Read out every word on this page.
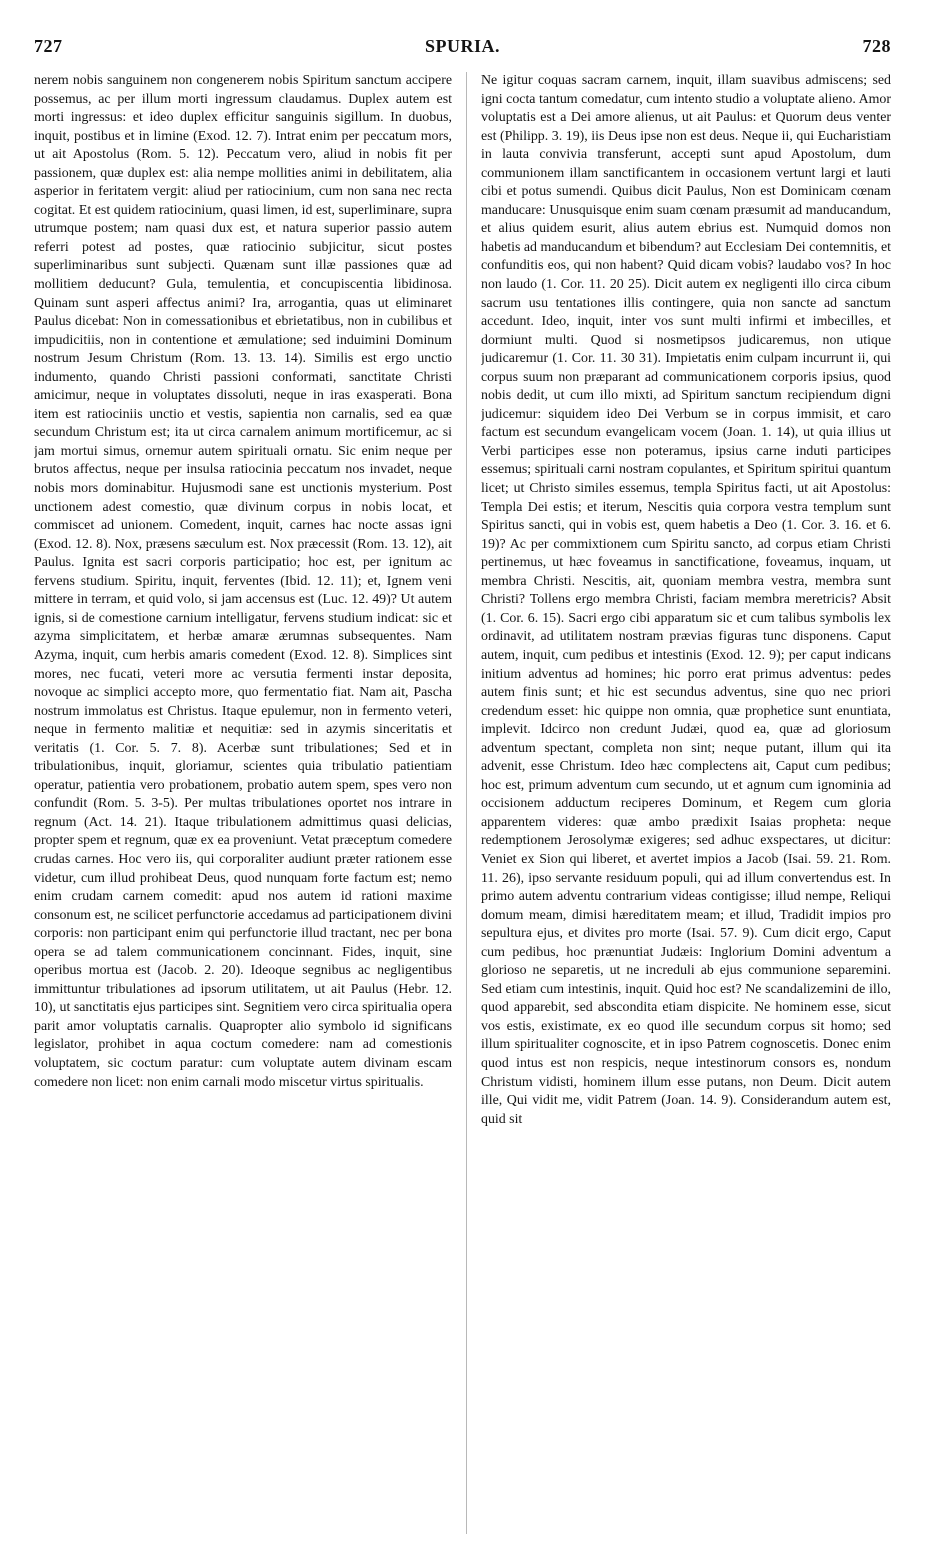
727	SPURIA.	728

nerem nobis sanguinem non congenerem nobis Spiritum sanctum accipere possemus, ac per illum morti ingressum claudamus. Duplex autem est morti ingressus: et ideo duplex efficitur sanguinis sigillum. In duobus, inquit, postibus et in limine (Exod. 12. 7). Intrat enim per peccatum mors, ut ait Apostolus (Rom. 5. 12). Peccatum vero, aliud in nobis fit per passionem, quæ duplex est: alia nempe mollities animi in debilitatem, alia asperior in feritatem vergit: aliud per ratiocinium, cum non sana nec recta cogitat. Et est quidem ratiocinium, quasi limen, id est, superliminare, supra utrumque postem; nam quasi dux est, et natura superior passio autem referri potest ad postes, quæ ratiocinio subjicitur, sicut postes superliminaribus sunt subjecti. Quænam sunt illæ passiones quæ ad mollitiem deducunt? Gula, temulentia, et concupiscentia libidinosa. Quinam sunt asperi affectus animi? Ira, arrogantia, quas ut eliminaret Paulus dicebat: Non in comessationibus et ebrietatibus, non in cubilibus et impudicitiis, non in contentione et æmulatione; sed induimini Dominum nostrum Jesum Christum (Rom. 13. 13. 14). Similis est ergo unctio indumento, quando Christi passioni conformati, sanctitate Christi amicimur, neque in voluptates dissoluti, neque in iras exasperati. Bona item est ratiociniis unctio et vestis, sapientia non carnalis, sed ea quæ secundum Christum est; ita ut circa carnalem animum mortificemur, ac si jam mortui simus, ornemur autem spirituali ornatu. Sic enim neque per brutos affectus, neque per insulsa ratiocinia peccatum nos invadet, neque nobis mors dominabitur. Hujusmodi sane est unctionis mysterium. Post unctionem adest comestio, quæ divinum corpus in nobis locat, et commiscet ad unionem. Comedent, inquit, carnes hac nocte assas igni (Exod. 12. 8). Nox, præsens sæculum est. Nox præcessit (Rom. 13. 12), ait Paulus. Ignita est sacri corporis participatio; hoc est, per ignitum ac fervens studium. Spiritu, inquit, ferventes (Ibid. 12. 11); et, Ignem veni mittere in terram, et quid volo, si jam accensus est (Luc. 12. 49)? Ut autem ignis, si de comestione carnium intelligatur, fervens studium indicat: sic et azyma simplicitatem, et herbæ amaræ ærumnas subsequentes. Nam Azyma, inquit, cum herbis amaris comedent (Exod. 12. 8). Simplices sint mores, nec fucati, veteri more ac versutia fermenti instar deposita, novoque ac simplici accepto more, quo fermentatio fiat. Nam ait, Pascha nostrum immolatus est Christus. Itaque epulemur, non in fermento veteri, neque in fermento malitiæ et nequitiæ: sed in azymis sinceritatis et veritatis (1. Cor. 5. 7. 8). Acerbæ sunt tribulationes; Sed et in tribulationibus, inquit, gloriamur, scientes quia tribulatio patientiam operatur, patientia vero probationem, probatio autem spem, spes vero non confundit (Rom. 5. 3-5). Per multas tribulationes oportet nos intrare in regnum (Act. 14. 21). Itaque tribulationem admittimus quasi delicias, propter spem et regnum, quæ ex ea proveniunt. Vetat præceptum comedere crudas carnes. Hoc vero iis, qui corporaliter audiunt præter rationem esse videtur, cum illud prohibeat Deus, quod nunquam forte factum est; nemo enim crudam carnem comedit: apud nos autem id rationi maxime consonum est, ne scilicet perfunctorie accedamus ad participationem divini corporis: non participant enim qui perfunctorie illud tractant, nec per bona opera se ad talem communicationem concinnant. Fides, inquit, sine operibus mortua est (Jacob. 2. 20). Ideoque segnibus ac negligentibus immittuntur tribulationes ad ipsorum utilitatem, ut ait Paulus (Hebr. 12. 10), ut sanctitatis ejus participes sint. Segnitiem vero circa spiritualia opera parit amor voluptatis carnalis. Quapropter alio symbolo id significans legislator, prohibet in aqua coctum comedere: nam ad comestionis voluptatem, sic coctum paratur: cum voluptate autem divinam escam comedere non licet: non enim carnali modo miscetur virtus spiritualis.

Ne igitur coquas sacram carnem, inquit, illam suavibus admiscens; sed igni cocta tantum comedatur, cum intento studio a voluptate alieno. Amor voluptatis est a Dei amore alienus, ut ait Paulus: et Quorum deus venter est (Philipp. 3. 19), iis Deus ipse non est deus. Neque ii, qui Eucharistiam in lauta convivia transferunt, accepti sunt apud Apostolum, dum communionem illam sanctificantem in occasionem vertunt largi et lauti cibi et potus sumendi. Quibus dicit Paulus, Non est Dominicam cœnam manducare: Unusquisque enim suam cœnam præsumit ad manducandum, et alius quidem esurit, alius autem ebrius est. Numquid domos non habetis ad manducandum et bibendum? aut Ecclesiam Dei contemnitis, et confunditis eos, qui non habent? Quid dicam vobis? laudabo vos? In hoc non laudo (1. Cor. 11. 20 25). Dicit autem ex negligenti illo circa cibum sacrum usu tentationes illis contingere, quia non sancte ad sanctum accedunt. Ideo, inquit, inter vos sunt multi infirmi et imbecilles, et dormiunt multi. Quod si nosmetipsos judicaremus, non utique judicaremur (1. Cor. 11. 30 31). Impietatis enim culpam incurrunt ii, qui corpus suum non præparant ad communicationem corporis ipsius, quod nobis dedit, ut cum illo mixti, ad Spiritum sanctum recipiendum digni judicemur: siquidem ideo Dei Verbum se in corpus immisit, et caro factum est secundum evangelicam vocem (Joan. 1. 14), ut quia illius ut Verbi participes esse non poteramus, ipsius carne induti participes essemus; spirituali carni nostram copulantes, et Spiritum spiritui quantum licet; ut Christo similes essemus, templa Spiritus facti, ut ait Apostolus: Templa Dei estis; et iterum, Nescitis quia corpora vestra templum sunt Spiritus sancti, qui in vobis est, quem habetis a Deo (1. Cor. 3. 16. et 6. 19)? Ac per commixtionem cum Spiritu sancto, ad corpus etiam Christi pertinemus, ut hæc foveamus in sanctificatione, foveamus, inquam, ut membra Christi. Nescitis, ait, quoniam membra vestra, membra sunt Christi? Tollens ergo membra Christi, faciam membra meretricis? Absit (1. Cor. 6. 15). Sacri ergo cibi apparatum sic et cum talibus symbolis lex ordinavit, ad utilitatem nostram prævias figuras tunc disponens. Caput autem, inquit, cum pedibus et intestinis (Exod. 12. 9); per caput indicans initium adventus ad homines; hic porro erat primus adventus: pedes autem finis sunt; et hic est secundus adventus, sine quo nec priori credendum esset: hic quippe non omnia, quæ prophetice sunt enuntiata, implevit. Idcirco non credunt Judæi, quod ea, quæ ad gloriosum adventum spectant, completa non sint; neque putant, illum qui ita advenit, esse Christum. Ideo hæc complectens ait, Caput cum pedibus; hoc est, primum adventum cum secundo, ut et agnum cum ignominia ad occisionem adductum reciperes Dominum, et Regem cum gloria apparentem videres: quæ ambo prædixit Isaias propheta: neque redemptionem Jerosolymæ exigeres; sed adhuc exspectares, ut dicitur: Veniet ex Sion qui liberet, et avertet impios a Jacob (Isai. 59. 21. Rom. 11. 26), ipso servante residuum populi, qui ad illum convertendus est. In primo autem adventu contrarium videas contigisse; illud nempe, Reliqui domum meam, dimisi hæreditatem meam; et illud, Tradidit impios pro sepultura ejus, et divites pro morte (Isai. 57. 9). Cum dicit ergo, Caput cum pedibus, hoc prænuntiat Judæis: Inglorium Domini adventum a glorioso ne separetis, ut ne increduli ab ejus communione separemini. Sed etiam cum intestinis, inquit. Quid hoc est? Ne scandalizemini de illo, quod apparebit, sed abscondita etiam dispicite. Ne hominem esse, sicut vos estis, existimate, ex eo quod ille secundum corpus sit homo; sed illum spiritualiter cognoscite, et in ipso Patrem cognoscetis. Donec enim quod intus est non respicis, neque intestinorum consors es, nondum Christum vidisti, hominem illum esse putans, non Deum. Dicit autem ille, Qui vidit me, vidit Patrem (Joan. 14. 9). Considerandum autem est, quid sit
